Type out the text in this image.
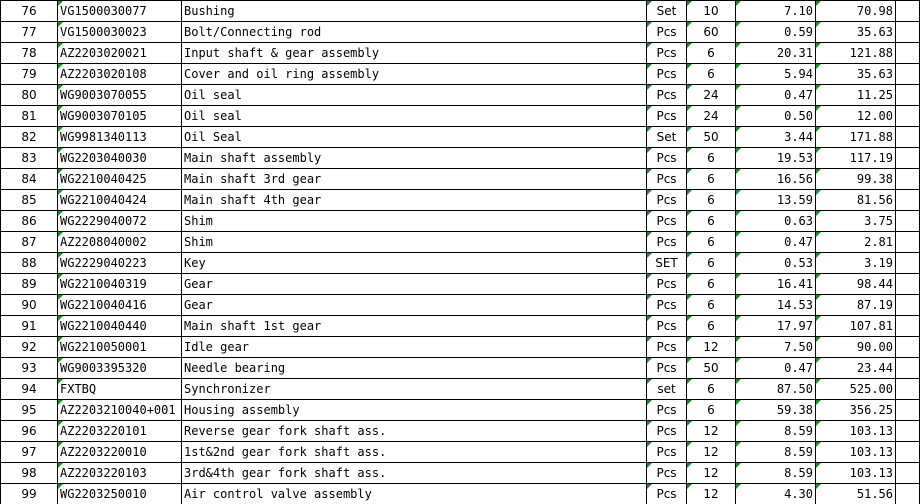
76	VG1500030077	Bushing	Set	10	7.10	70.98	
77	VG1500030023	Bolt/Connecting rod	Pcs	60	0.59	35.63	
78	AZ2203020021	Input shaft & gear assembly	Pcs	6	20.31	121.88	
79	AZ2203020108	Cover and oil ring assembly	Pcs	6	5.94	35.63	
80	WG9003070055	Oil seal	Pcs	24	0.47	11.25	
81	WG9003070105	Oil seal	Pcs	24	0.50	12.00	
82	WG9981340113	Oil Seal	Set	50	3.44	171.88	
83	WG2203040030	Main shaft assembly	Pcs	6	19.53	117.19	
84	WG2210040425	Main shaft 3rd gear	Pcs	6	16.56	99.38	
85	WG2210040424	Main shaft 4th gear	Pcs	6	13.59	81.56	
86	WG2229040072	Shim	Pcs	6	0.63	3.75	
87	AZ2208040002	Shim	Pcs	6	0.47	2.81	
88	WG2229040223	Key	SET	6	0.53	3.19	
89	WG2210040319	Gear	Pcs	6	16.41	98.44	
90	WG2210040416	Gear	Pcs	6	14.53	87.19	
91	WG2210040440	Main shaft 1st gear	Pcs	6	17.97	107.81	
92	WG2210050001	Idle gear	Pcs	12	7.50	90.00	
93	WG9003395320	Needle bearing	Pcs	50	0.47	23.44	
94	FXTBQ	Synchronizer	set	6	87.50	525.00	
95	AZ2203210040+001	Housing assembly	Pcs	6	59.38	356.25	
96	AZ2203220101	Reverse gear fork shaft ass.	Pcs	12	8.59	103.13	
97	AZ2203220010	1st&2nd gear fork shaft ass.	Pcs	12	8.59	103.13	
98	AZ2203220103	3rd&4th gear fork shaft ass.	Pcs	12	8.59	103.13	
99	WG2203250010	Air control valve assembly	Pcs	12	4.30	51.56	
